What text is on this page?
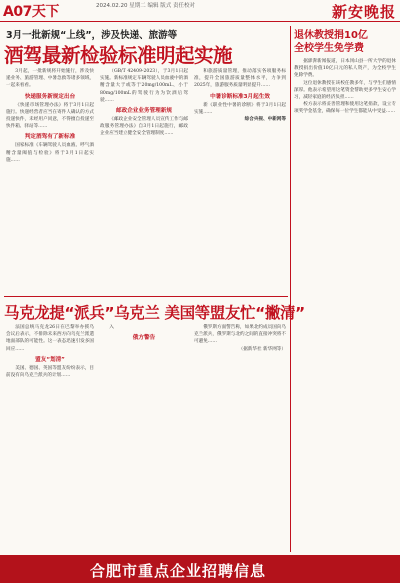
A07天下	2024.02.20 星期二 编辑 版式 责任校对	新安晚报
3月一批新规“上线”，涉及快递、旅游等
酒驾最新检验标准明起实施

3月起，一批新规将开始施行，涉及快递业务、旅游管理、中暑急救等诸多领域，一起来看看。

快递服务新规定出台

《快递市场管理办法》将于3月1日起施行。快递经营者应当在寄件人确认的方式投递快件，未经用户同意，不得擅自投递至快件箱、驿站等……

判定酒驾有了新标准

国家标准《车辆驾驶人员血液、呼气酒精含量阈值与检验》将于3月1日起实施……

（GB/T 42409-2023），于3月1日起实施。新标准规定车辆驾驶人员血液中的酒精含量大于或等于20mg/100mL、小于80mg/100mL的驾驶行为为饮酒后驾驶……

邮政企业业务管理新规

《邮政企业安全管理人员宣传工作与邮政服务管理办法》自3月1日起施行，邮政企业应当建立健全安全管理制度……

和旅游质量管理，推动落实各项服务标准，提升全国旅游质量整体水平，力争到2025年，旅游服务质量明显提升……

中暑诊断标准3月起生效

新《职业性中暑的诊断》将于3月1日起实施……

综合央视、中新网等

退休教授捐10亿
全校学生免学费

据澎湃新闻报道，日本冈山县一所大学的退休教授捐出价值10亿日元的私人资产，为全校学生免除学费。

这位退休教授在该校任教多年，与学生们感情深厚。他表示希望用这笔资金帮助更多学生安心学习，减轻家庭的经济负担……

校方表示将妥善管理和使用这笔捐款，设立专项奖学金基金，确保每一位学生都能从中受益……

马克龙提“派兵”乌克兰 美国等盟友忙“撇清”

法国总统马克龙26日在巴黎举办援乌会议后表示，不排除未来西方向乌克兰派遣地面部队的可能性。这一表态迅速引发多国回应……

盟友“划清”

美国、德国、英国等盟友纷纷表示，目前没有向乌克兰派兵的计划……

入

俄方警告

俄罗斯方面警告称，如果北约成员国向乌克兰派兵，俄罗斯与北约之间的直接冲突将不可避免……

（据新华社 新华网等）

合肥市重点企业招聘信息
